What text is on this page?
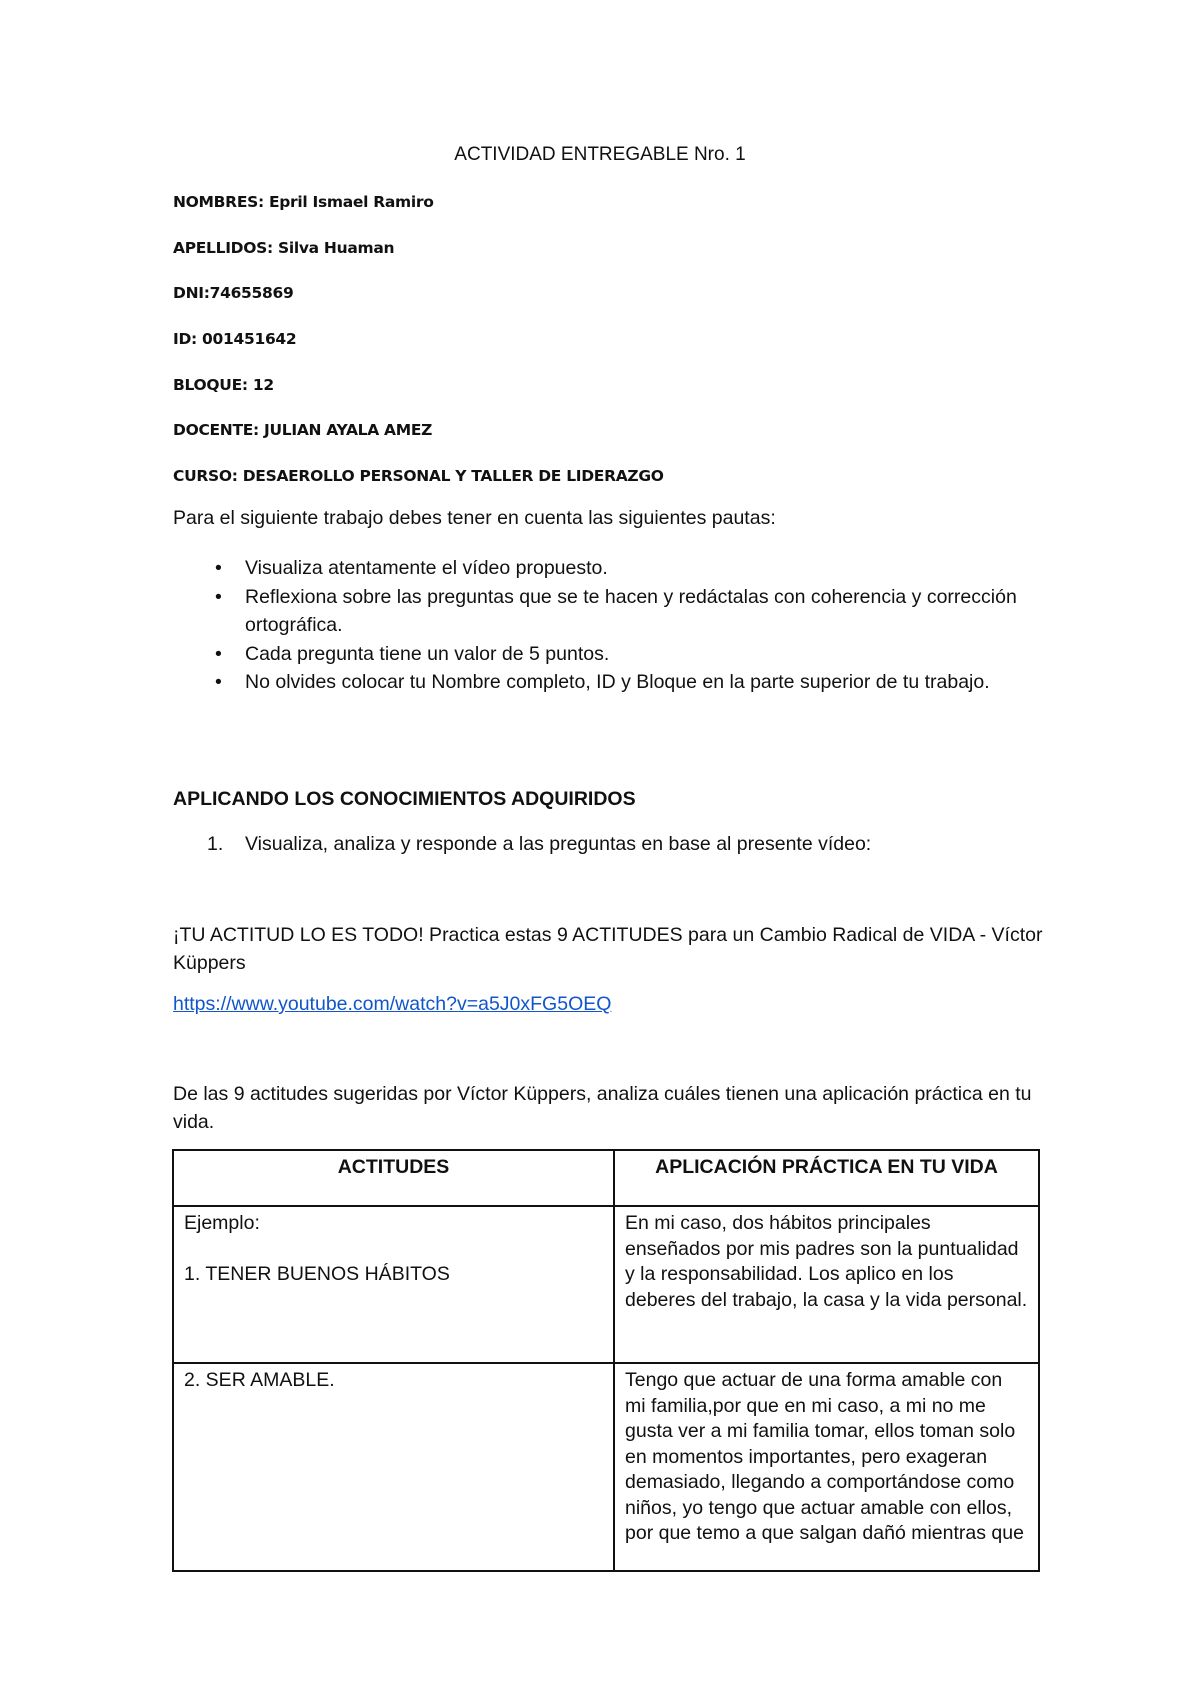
ACTIVIDAD ENTREGABLE Nro. 1
NOMBRES: Epril Ismael Ramiro
APELLIDOS: Silva Huaman
DNI:74655869
ID: 001451642
BLOQUE: 12
DOCENTE: JULIAN AYALA AMEZ
CURSO: DESAEROLLO PERSONAL Y TALLER DE LIDERAZGO
Para el siguiente trabajo debes tener en cuenta las siguientes pautas:
• Visualiza atentamente el vídeo propuesto.
• Reflexiona sobre las preguntas que se te hacen y redáctalas con coherencia y corrección ortográfica.
• Cada pregunta tiene un valor de 5 puntos.
• No olvides colocar tu Nombre completo, ID y Bloque en la parte superior de tu trabajo.
APLICANDO LOS CONOCIMIENTOS ADQUIRIDOS
1. Visualiza, analiza y responde a las preguntas en base al presente vídeo:
¡TU ACTITUD LO ES TODO! Practica estas 9 ACTITUDES para un Cambio Radical de VIDA - Víctor Küppers
https://www.youtube.com/watch?v=a5J0xFG5OEQ
De las 9 actitudes sugeridas por Víctor Küppers, analiza cuáles tienen una aplicación práctica en tu vida.
ACTITUDES	APLICACIÓN PRÁCTICA EN TU VIDA

Ejemplo:
1. TENER BUENOS HÁBITOS	En mi caso, dos hábitos principales enseñados por mis padres son la puntualidad y la responsabilidad. Los aplico en los deberes del trabajo, la casa y la vida personal.

2. SER AMABLE.	Tengo que actuar de una forma amable con mi familia,por que en mi caso, a mi no me gusta ver a mi familia tomar, ellos toman solo en momentos importantes, pero exageran demasiado, llegando a comportándose como niños, yo tengo que actuar amable con ellos, por que temo a que salgan dañó mientras que
